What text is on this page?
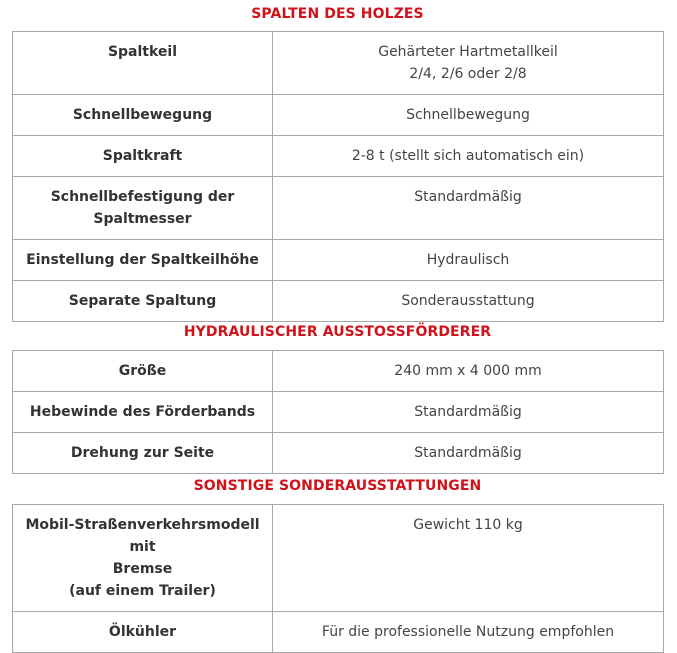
SPALTEN DES HOLZES
Spaltkeil	Gehärteter Hartmetallkeil
2/4, 2/6 oder 2/8

Schnellbewegung	Schnellbewegung

Spaltkraft	2-8 t (stellt sich automatisch ein)

Schnellbefestigung der
Spaltmesser	Standardmäßig

Einstellung der Spaltkeilhöhe	Hydraulisch

Separate Spaltung	Sonderausstattung
HYDRAULISCHER AUSSTOSSFÖRDERER
Größe	240 mm x 4 000 mm

Hebewinde des Förderbands	Standardmäßig

Drehung zur Seite	Standardmäßig
SONSTIGE SONDERAUSSTATTUNGEN
Mobil-Straßenverkehrsmodell mit
Bremse
(auf einem Trailer)	Gewicht 110 kg

Ölkühler	Für die professionelle Nutzung empfohlen
